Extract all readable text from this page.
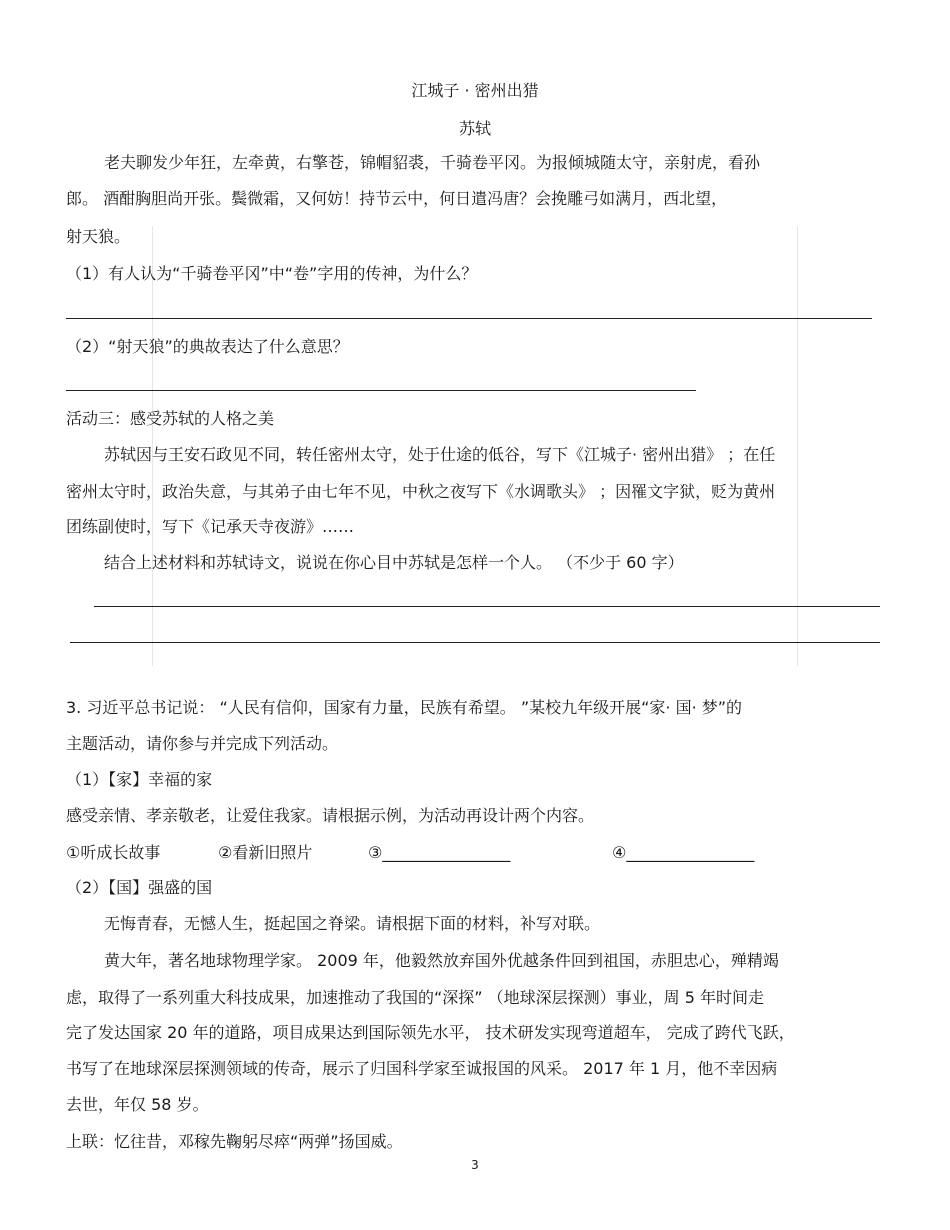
江城子 · 密州出猎
苏轼
老夫聊发少年狂，左牵黄，右擎苍，锦帽貂裘，千骑卷平冈。为报倾城随太守，亲射虎，看孙
郎。 酒酣胸胆尚开张。鬓微霜，又何妨！持节云中，何日遣冯唐？会挽雕弓如满月，西北望，
射天狼。
（1）有人认为“千骑卷平冈”中“卷”字用的传神，为什么？
（2）“射天狼”的典故表达了什么意思？
活动三：感受苏轼的人格之美
苏轼因与王安石政见不同，转任密州太守，处于仕途的低谷，写下《江城子· 密州出猎》 ；在任
密州太守时，政治失意，与其弟子由七年不见，中秋之夜写下《水调歌头》 ；因罹文字狱，贬为黄州
团练副使时，写下《记承天寺夜游》……
结合上述材料和苏轼诗文，说说在你心目中苏轼是怎样一个人。 （不少于 60 字）
3. 习近平总书记说： “人民有信仰，国家有力量，民族有希望。 ”某校九年级开展“家· 国· 梦”的
主题活动，请你参与并完成下列活动。
（1）【家】幸福的家
感受亲情、孝亲敬老，让爱住我家。请根据示例，为活动再设计两个内容。
①听成长故事	②看新旧照片	③________________	④________________
（2）【国】强盛的国
无悔青春，无憾人生，挺起国之脊梁。请根据下面的材料，补写对联。
黄大年，著名地球物理学家。 2009 年，他毅然放弃国外优越条件回到祖国，赤胆忠心，殚精竭
虑，取得了一系列重大科技成果，加速推动了我国的“深探” （地球深层探测）事业，周 5 年时间走
完了发达国家 20 年的道路，项目成果达到国际领先水平， 技术研发实现弯道超车， 完成了跨代飞跃，
书写了在地球深层探测领域的传奇，展示了归国科学家至诚报国的风采。 2017 年 1 月，他不幸因病
去世，年仅 58 岁。
上联：忆往昔，邓稼先鞠躬尽瘁“两弹”扬国威。
3
